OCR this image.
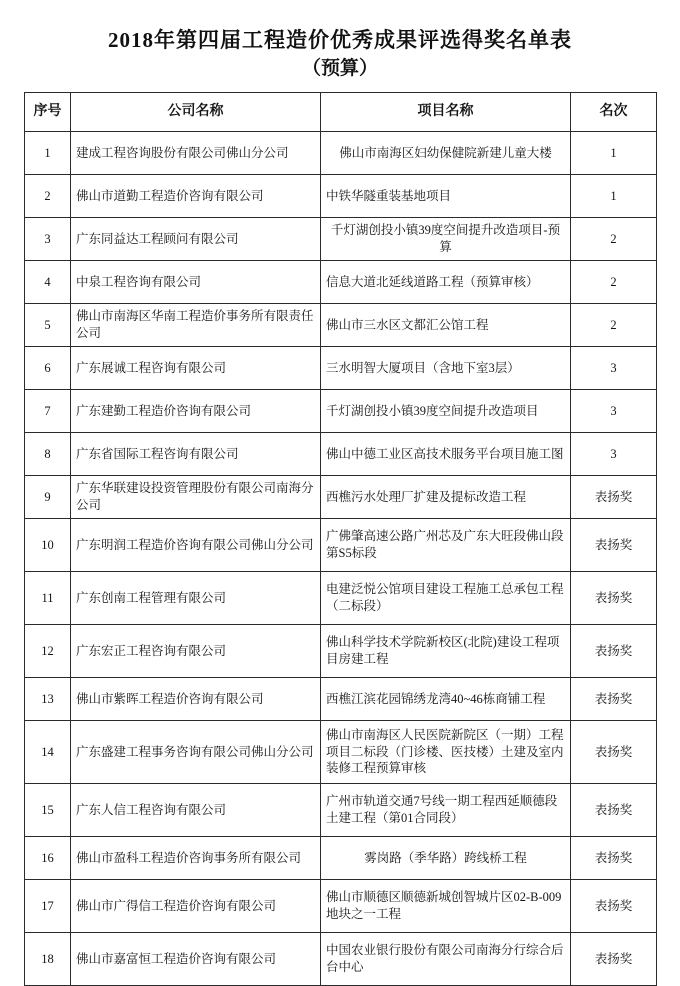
2018年第四届工程造价优秀成果评选得奖名单表
（预算）
序号	公司名称	项目名称	名次
1	建成工程咨询股份有限公司佛山分公司	佛山市南海区妇幼保健院新建儿童大楼	1
2	佛山市道勤工程造价咨询有限公司	中铁华隧重装基地项目	1
3	广东同益达工程顾问有限公司	千灯湖创投小镇39度空间提升改造项目-预算	2
4	中泉工程咨询有限公司	信息大道北延线道路工程（预算审核）	2
5	佛山市南海区华南工程造价事务所有限责任公司	佛山市三水区文都汇公馆工程	2
6	广东展诚工程咨询有限公司	三水明智大厦项目（含地下室3层）	3
7	广东建勤工程造价咨询有限公司	千灯湖创投小镇39度空间提升改造项目	3
8	广东省国际工程咨询有限公司	佛山中德工业区高技术服务平台项目施工图	3
9	广东华联建设投资管理股份有限公司南海分公司	西樵污水处理厂扩建及提标改造工程	表扬奖
10	广东明润工程造价咨询有限公司佛山分公司	广佛肇高速公路广州芯及广东大旺段佛山段第S5标段	表扬奖
11	广东创南工程管理有限公司	电建泛悦公馆项目建设工程施工总承包工程（二标段）	表扬奖
12	广东宏正工程咨询有限公司	佛山科学技术学院新校区(北院)建设工程项目房建工程	表扬奖
13	佛山市紫晖工程造价咨询有限公司	西樵江滨花园锦绣龙湾40~46栋商铺工程	表扬奖
14	广东盛建工程事务咨询有限公司佛山分公司	佛山市南海区人民医院新院区（一期）工程项目二标段（门诊楼、医技楼）土建及室内装修工程预算审核	表扬奖
15	广东人信工程咨询有限公司	广州市轨道交通7号线一期工程西延顺德段土建工程（第01合同段）	表扬奖
16	佛山市盈科工程造价咨询事务所有限公司	雾岗路（季华路）跨线桥工程	表扬奖
17	佛山市广得信工程造价咨询有限公司	佛山市顺德区顺德新城创智城片区02-B-009地块之一工程	表扬奖
18	佛山市嘉富恒工程造价咨询有限公司	中国农业银行股份有限公司南海分行综合后台中心	表扬奖
